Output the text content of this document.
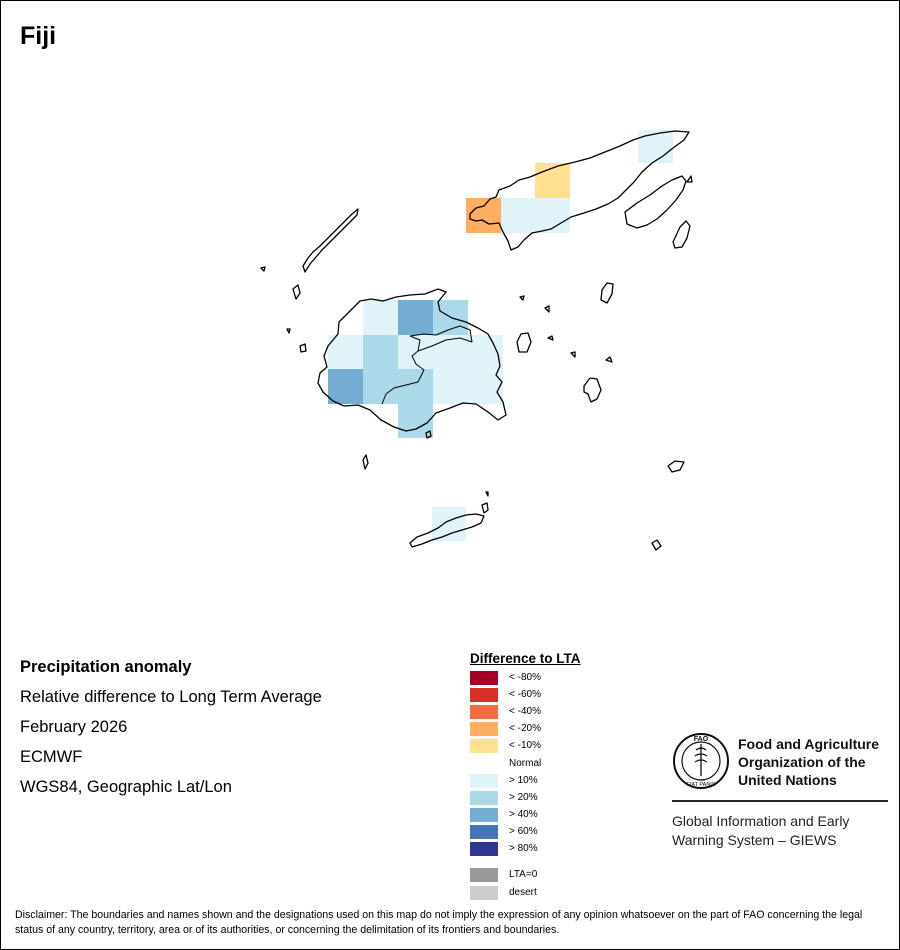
Fiji
Precipitation anomaly
Relative difference to Long Term Average
February 2026
ECMWF
WGS84, Geographic Lat/Lon
Difference to LTA
< -80%
< -60%
< -40%
< -20%
< -10%
Normal
> 10%
> 20%
> 40%
> 60%
> 80%
LTA=0
desert
FAO
FIAT PANIS
Food and Agriculture
Organization of the
United Nations
Global Information and Early
Warning System – GIEWS
Disclaimer: The boundaries and names shown and the designations used on this map do not imply the expression of any opinion whatsoever on the part of FAO concerning the legal status of any country, territory, area or of its authorities, or concerning the delimitation of its frontiers and boundaries.
